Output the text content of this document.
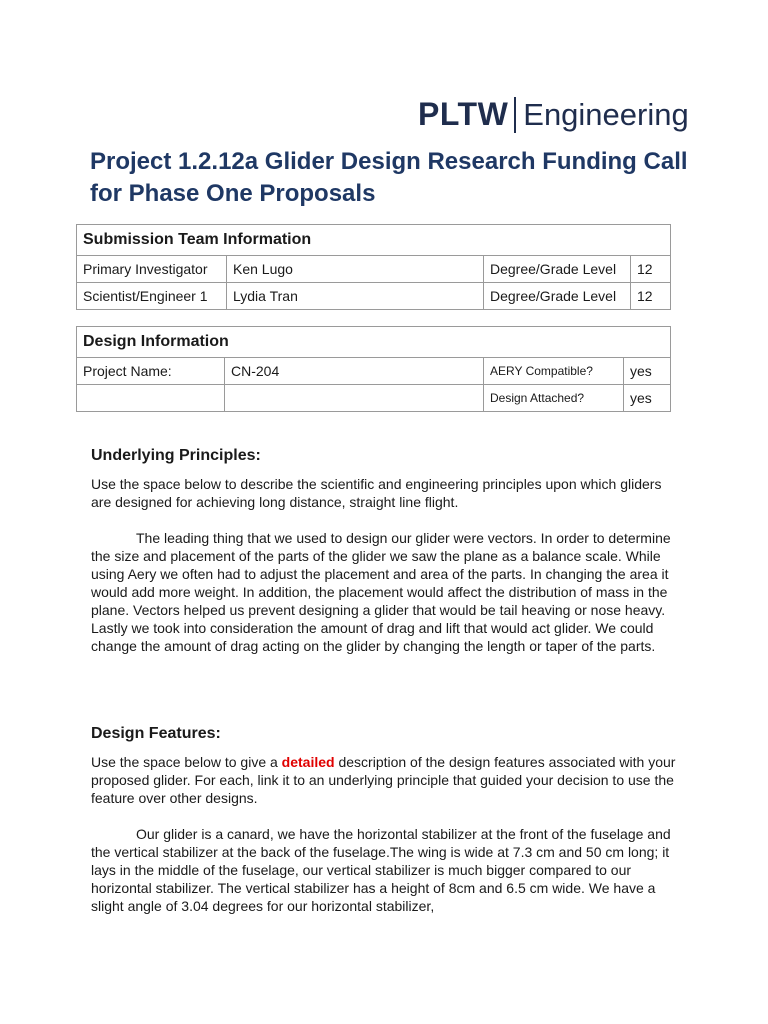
PLTW Engineering
Project 1.2.12a Glider Design Research Funding Call for Phase One Proposals
Submission Team Information			
Primary Investigator	Ken Lugo	Degree/Grade Level	12
Scientist/Engineer 1	Lydia Tran	Degree/Grade Level	12
Design Information			
Project Name:	CN-204	AERY Compatible?	yes
		Design Attached?	yes
Underlying Principles:

Use the space below to describe the scientific and engineering principles upon which gliders are designed for achieving long distance, straight line flight.

The leading thing that we used to design our glider were vectors. In order to determine the size and placement of the parts of the glider we saw the plane as a balance scale. While using Aery we often had to adjust the placement and area of the parts. In changing the area it would add more weight. In addition, the placement would affect the distribution of mass in the plane. Vectors helped us prevent designing a glider that would be tail heaving or nose heavy. Lastly we took into consideration the amount of drag and lift that would act glider. We could change the amount of drag acting on the glider by changing the length or taper of the parts.

Design Features:

Use the space below to give a detailed description of the design features associated with your proposed glider. For each, link it to an underlying principle that guided your decision to use the feature over other designs.

Our glider is a canard, we have the horizontal stabilizer at the front of the fuselage and the vertical stabilizer at the back of the fuselage.The wing is wide at 7.3 cm and 50 cm long; it lays in the middle of the fuselage, our vertical stabilizer is much bigger compared to our horizontal stabilizer. The vertical stabilizer has a height of 8cm and 6.5 cm wide. We have a slight angle of 3.04 degrees for our horizontal stabilizer,
